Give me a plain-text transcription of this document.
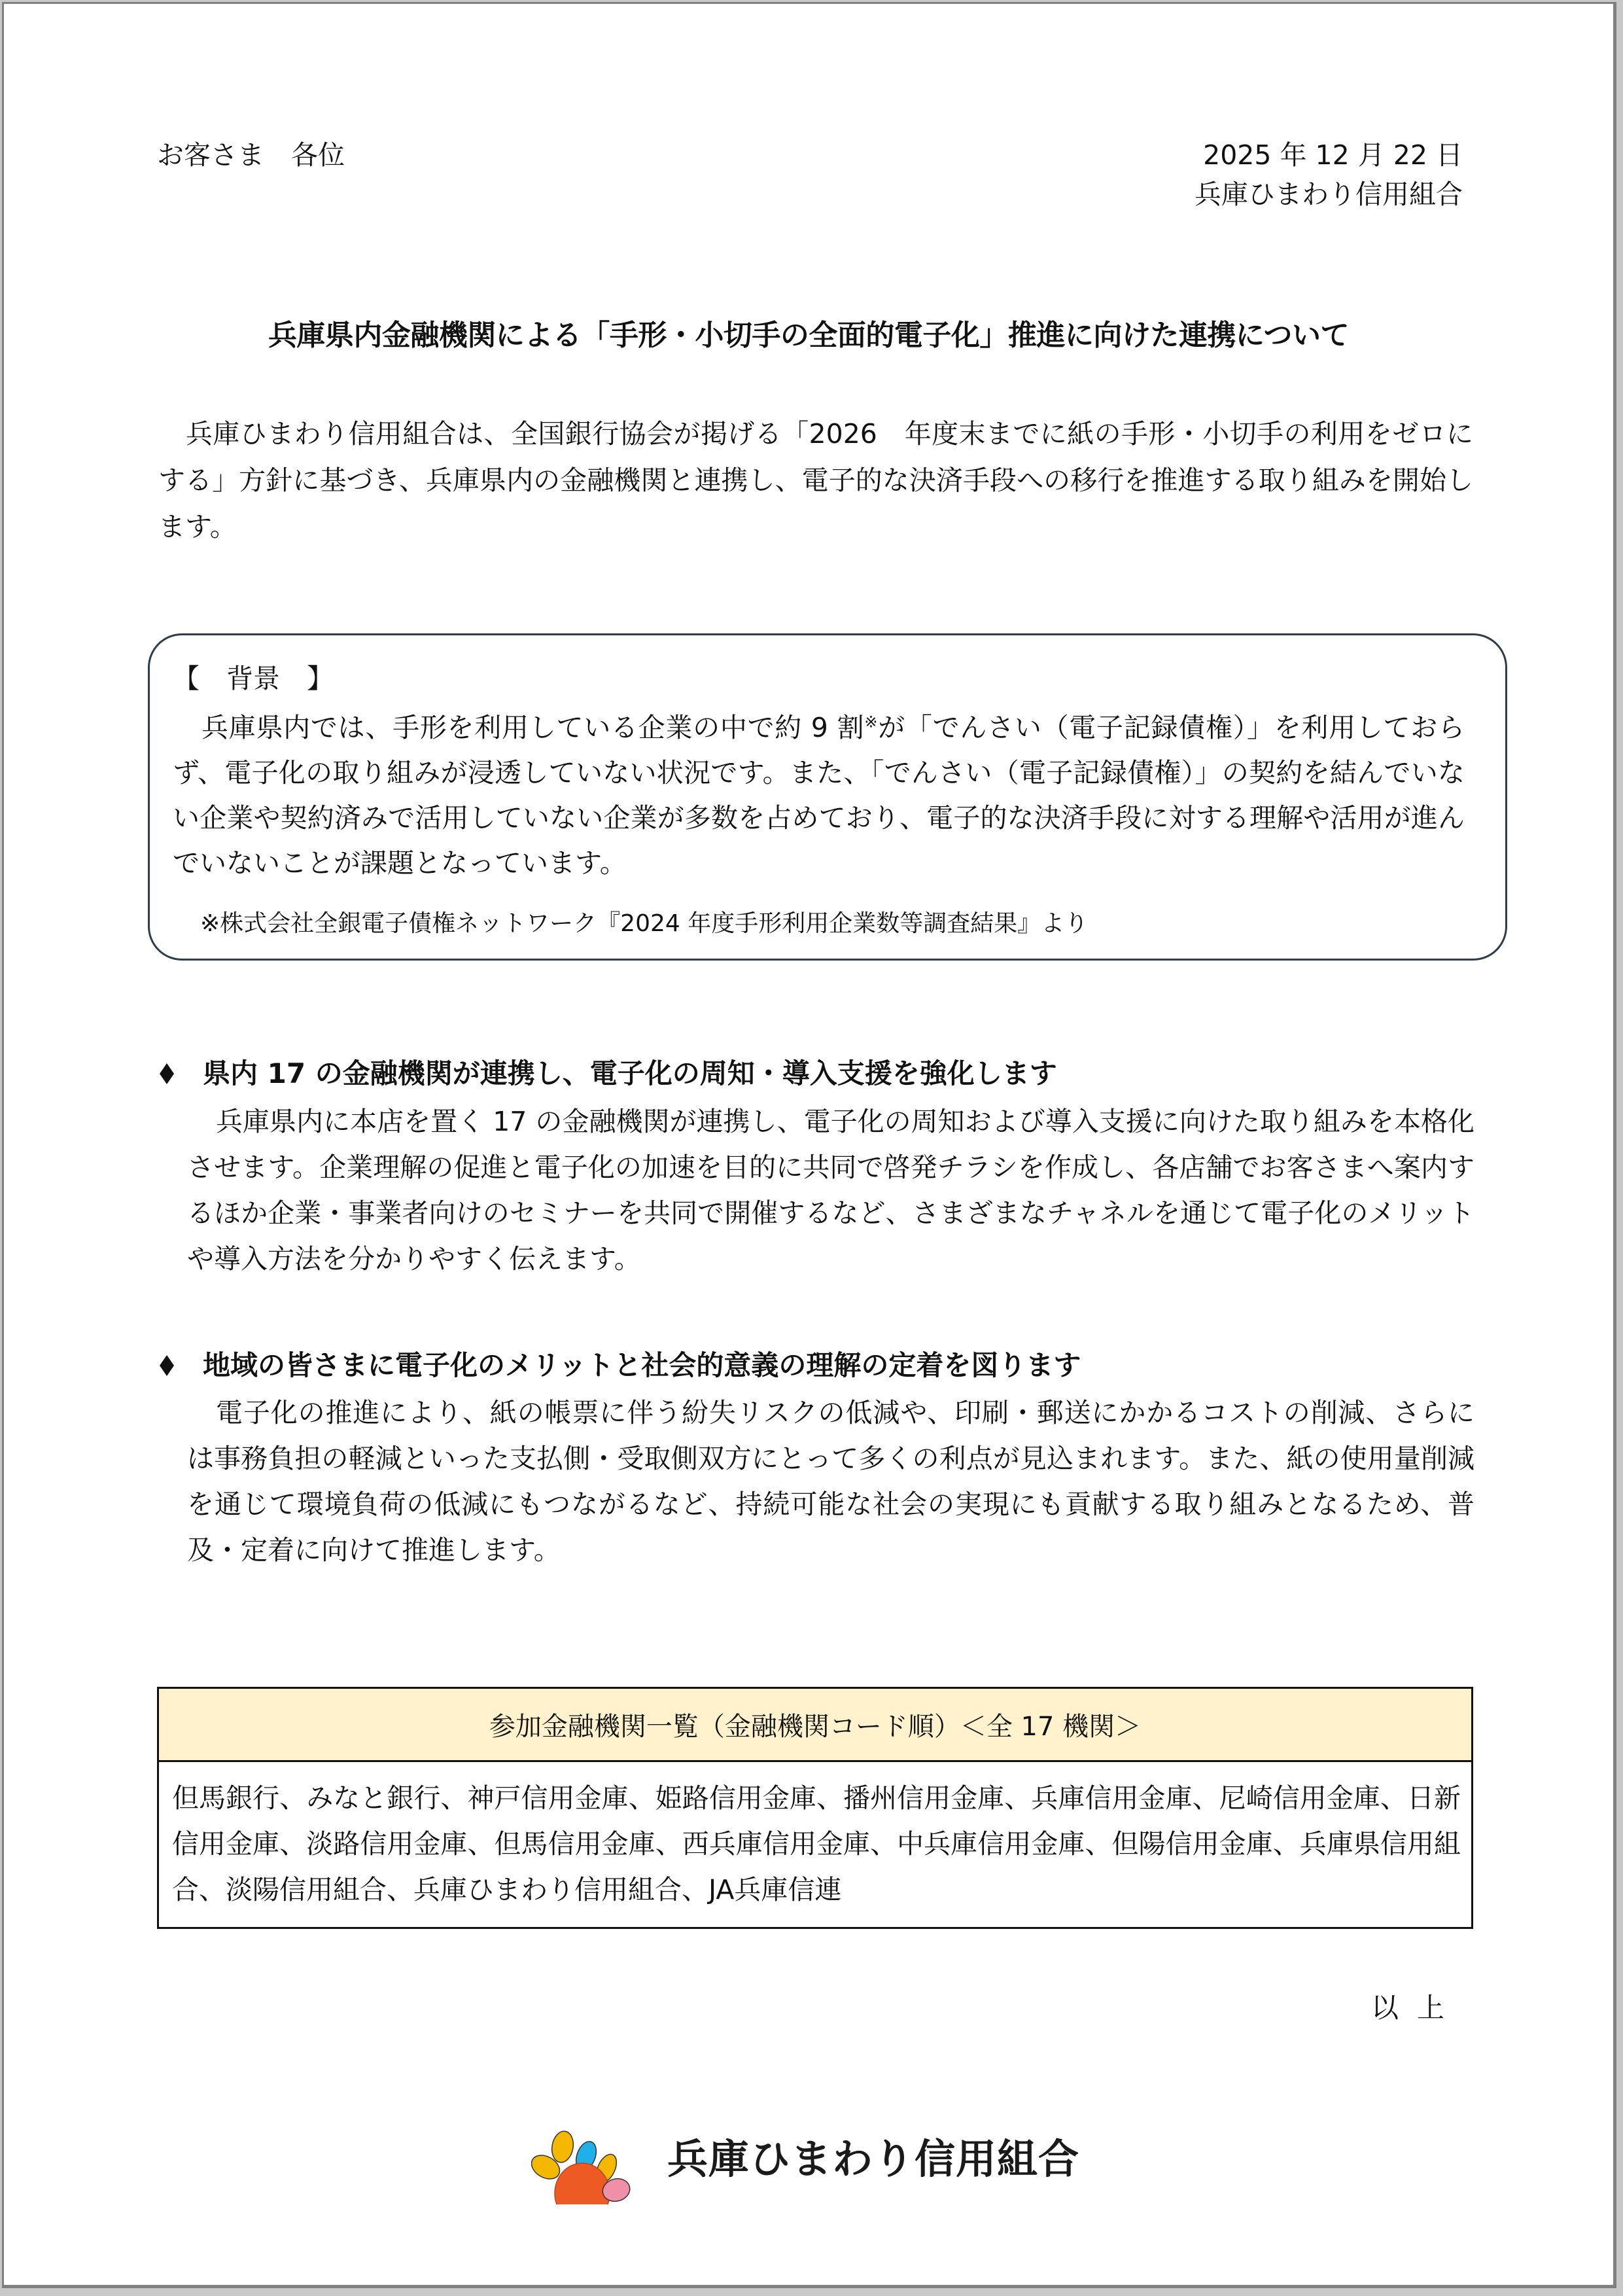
お客さま　各位	2025 年 12 月 22 日
兵庫ひまわり信用組合
兵庫県内金融機関による「手形・小切手の全面的電子化」推進に向けた連携について
兵庫ひまわり信用組合は、全国銀行協会が掲げる「2026　年度末までに紙の手形・小切手の利用をゼロにする」方針に基づき、兵庫県内の金融機関と連携し、電子的な決済手段への移行を推進する取り組みを開始します。
【　背景　】
兵庫県内では、手形を利用している企業の中で約 9 割※が「でんさい（電子記録債権）」を利用しておらず、電子化の取り組みが浸透していない状況です。また、「でんさい（電子記録債権）」の契約を結んでいない企業や契約済みで活用していない企業が多数を占めており、電子的な決済手段に対する理解や活用が進んでいないことが課題となっています。
※株式会社全銀電子債権ネットワーク『2024 年度手形利用企業数等調査結果』より
県内 17 の金融機関が連携し、電子化の周知・導入支援を強化します
兵庫県内に本店を置く 17 の金融機関が連携し、電子化の周知および導入支援に向けた取り組みを本格化させます。企業理解の促進と電子化の加速を目的に共同で啓発チラシを作成し、各店舗でお客さまへ案内するほか企業・事業者向けのセミナーを共同で開催するなど、さまざまなチャネルを通じて電子化のメリットや導入方法を分かりやすく伝えます。
地域の皆さまに電子化のメリットと社会的意義の理解の定着を図ります
電子化の推進により、紙の帳票に伴う紛失リスクの低減や、印刷・郵送にかかるコストの削減、さらには事務負担の軽減といった支払側・受取側双方にとって多くの利点が見込まれます。また、紙の使用量削減を通じて環境負荷の低減にもつながるなど、持続可能な社会の実現にも貢献する取り組みとなるため、普及・定着に向けて推進します。
参加金融機関一覧（金融機関コード順）＜全 17 機関＞
但馬銀行、みなと銀行、神戸信用金庫、姫路信用金庫、播州信用金庫、兵庫信用金庫、尼崎信用金庫、日新信用金庫、淡路信用金庫、但馬信用金庫、西兵庫信用金庫、中兵庫信用金庫、但陽信用金庫、兵庫県信用組合、淡陽信用組合、兵庫ひまわり信用組合、JA兵庫信連
以上
兵庫ひまわり信用組合
